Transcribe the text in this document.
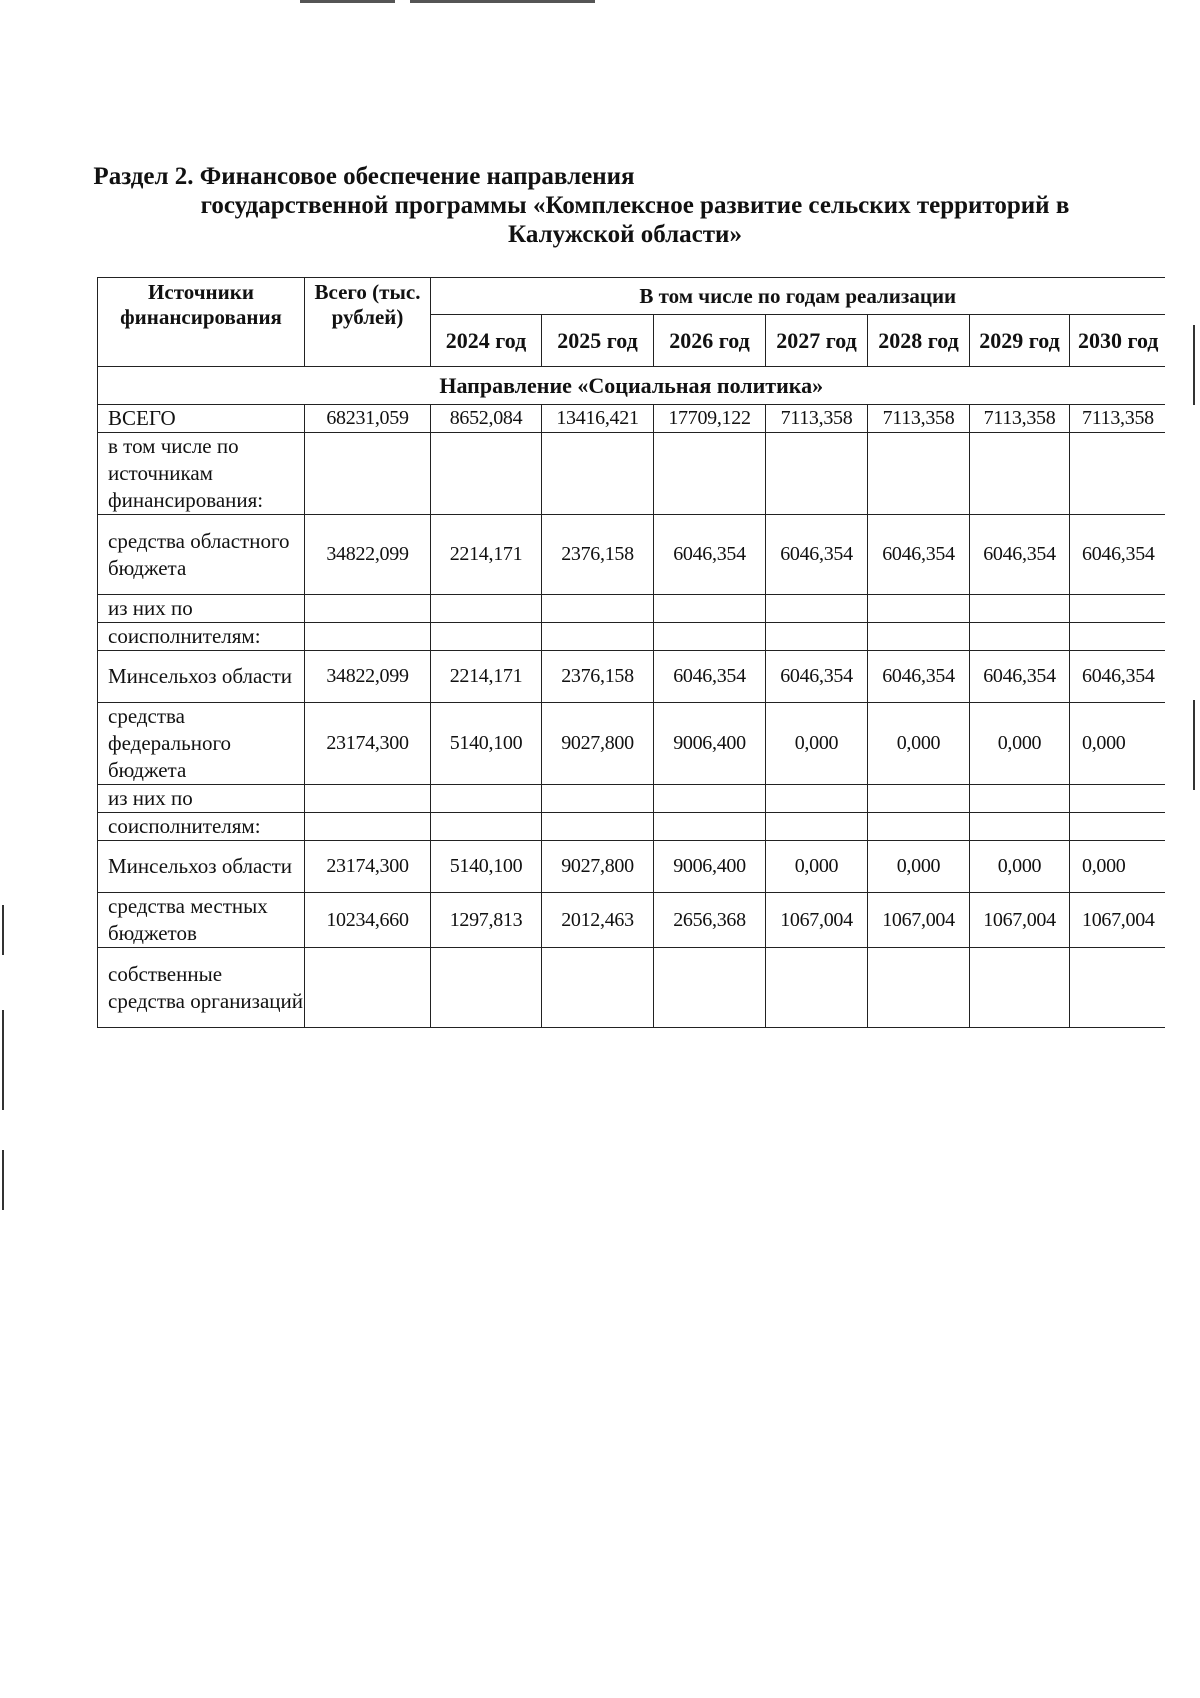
Раздел 2. Финансовое обеспечение направления
государственной программы «Комплексное развитие сельских территорий в
Калужской области»
Источники финансирования	Всего (тыс. рублей)	В том числе по годам реализации						
		2024 год	2025 год	2026 год	2027 год	2028 год	2029 год	2030 год
Направление «Социальная политика»								
ВСЕГО	68231,059	8652,084	13416,421	17709,122	7113,358	7113,358	7113,358	7113,358
в том числе по источникам финансирования:								
средства областного бюджета	34822,099	2214,171	2376,158	6046,354	6046,354	6046,354	6046,354	6046,354
из них по								
соисполнителям:								
Минсельхоз области	34822,099	2214,171	2376,158	6046,354	6046,354	6046,354	6046,354	6046,354
средства федерального бюджета	23174,300	5140,100	9027,800	9006,400	0,000	0,000	0,000	0,000
из них по								
соисполнителям:								
Минсельхоз области	23174,300	5140,100	9027,800	9006,400	0,000	0,000	0,000	0,000
средства местных бюджетов	10234,660	1297,813	2012,463	2656,368	1067,004	1067,004	1067,004	1067,004
собственные средства организаций								
